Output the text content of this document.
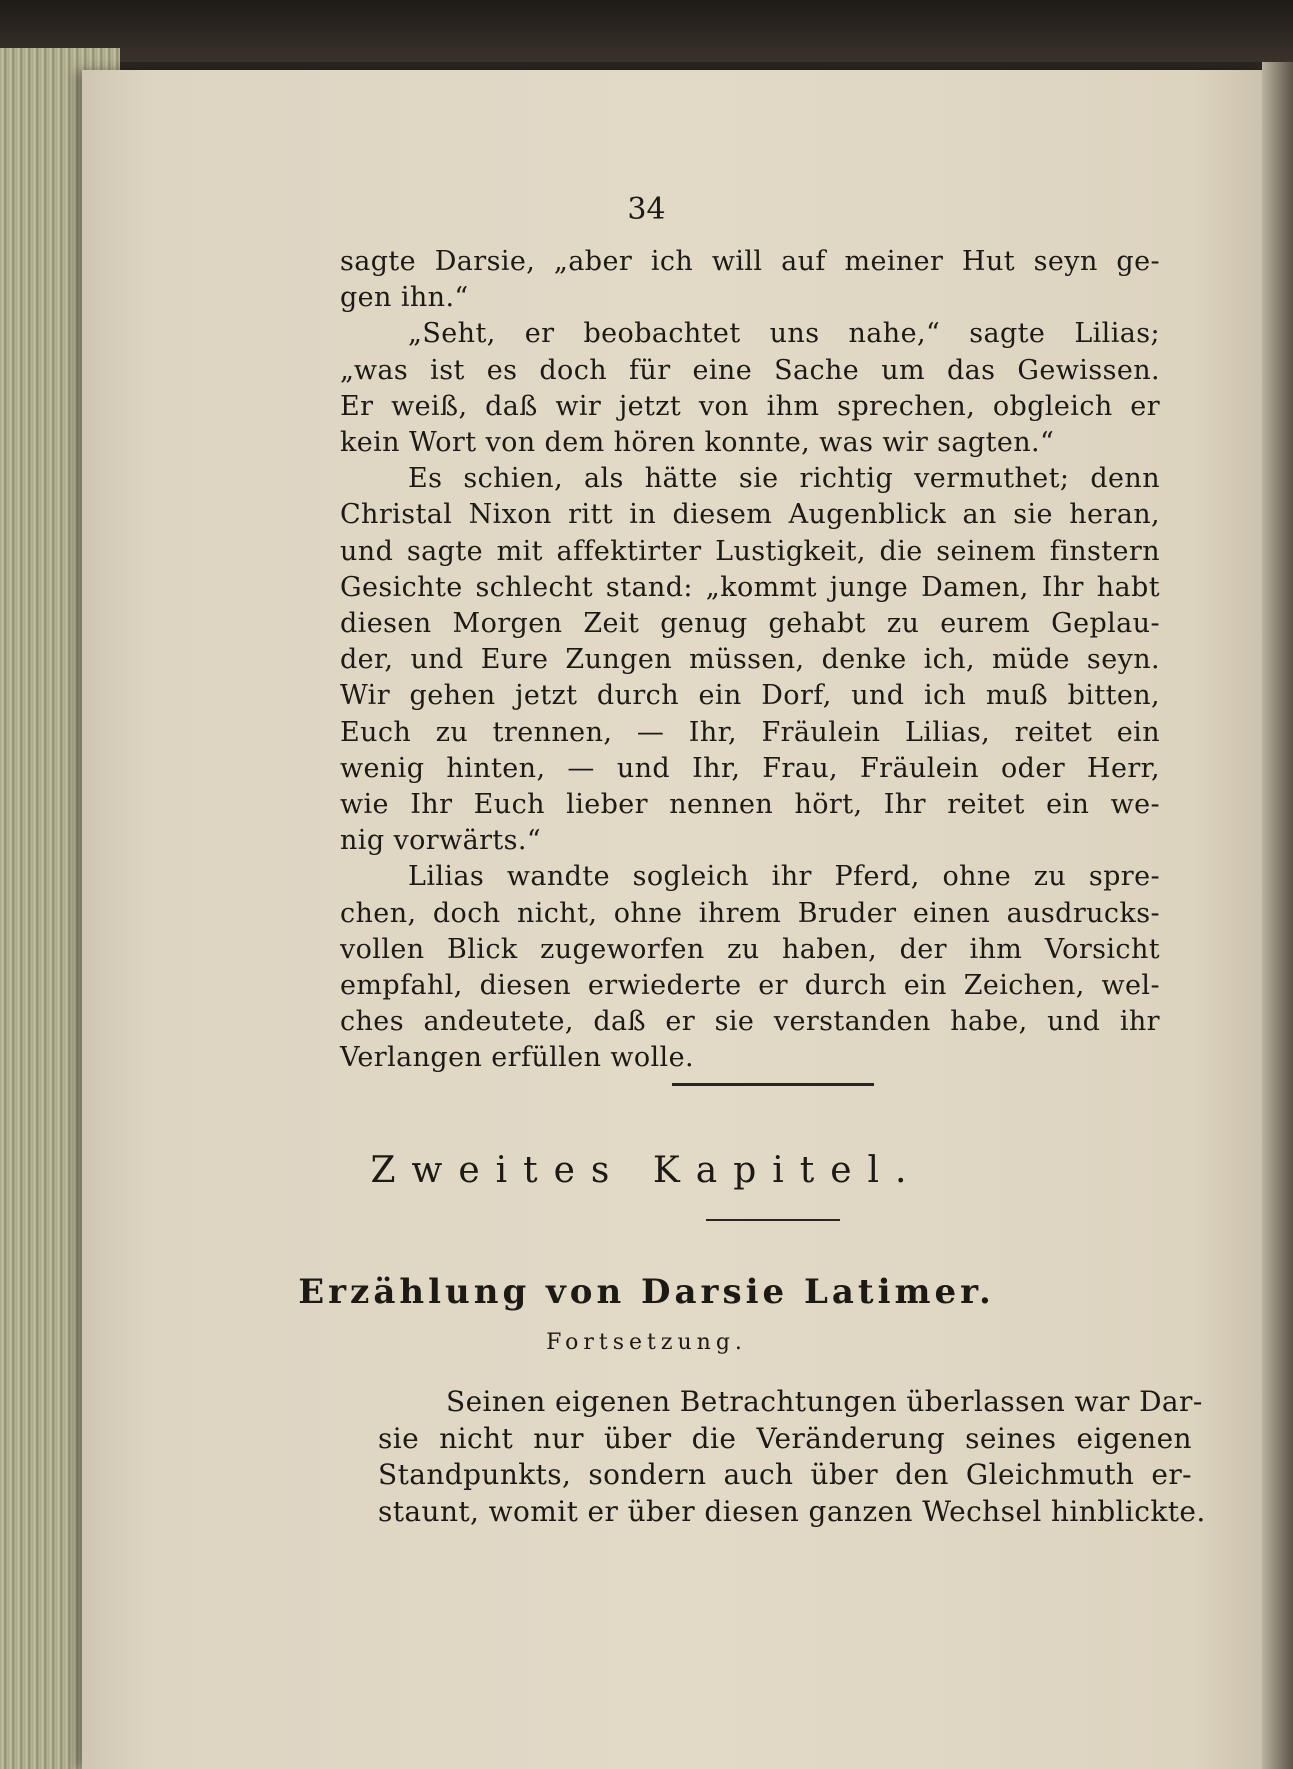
34
sagte Darsie, „aber ich will auf meiner Hut seyn ge-
gen ihn.“
„Seht, er beobachtet uns nahe,“ sagte Lilias;
„was ist es doch für eine Sache um das Gewissen.
Er weiß, daß wir jetzt von ihm sprechen, obgleich er
kein Wort von dem hören konnte, was wir sagten.“
Es schien, als hätte sie richtig vermuthet; denn
Christal Nixon ritt in diesem Augenblick an sie heran,
und sagte mit affektirter Lustigkeit, die seinem finstern
Gesichte schlecht stand: „kommt junge Damen, Ihr habt
diesen Morgen Zeit genug gehabt zu eurem Geplau-
der, und Eure Zungen müssen, denke ich, müde seyn.
Wir gehen jetzt durch ein Dorf, und ich muß bitten,
Euch zu trennen, — Ihr, Fräulein Lilias, reitet ein
wenig hinten, — und Ihr, Frau, Fräulein oder Herr,
wie Ihr Euch lieber nennen hört, Ihr reitet ein we-
nig vorwärts.“
Lilias wandte sogleich ihr Pferd, ohne zu spre-
chen, doch nicht, ohne ihrem Bruder einen ausdrucks-
vollen Blick zugeworfen zu haben, der ihm Vorsicht
empfahl, diesen erwiederte er durch ein Zeichen, wel-
ches andeutete, daß er sie verstanden habe, und ihr
Verlangen erfüllen wolle.
Zweites Kapitel.
Erzählung von Darsie Latimer.
Fortsetzung.
Seinen eigenen Betrachtungen überlassen war Dar-
sie nicht nur über die Veränderung seines eigenen
Standpunkts, sondern auch über den Gleichmuth er-
staunt, womit er über diesen ganzen Wechsel hinblickte.
